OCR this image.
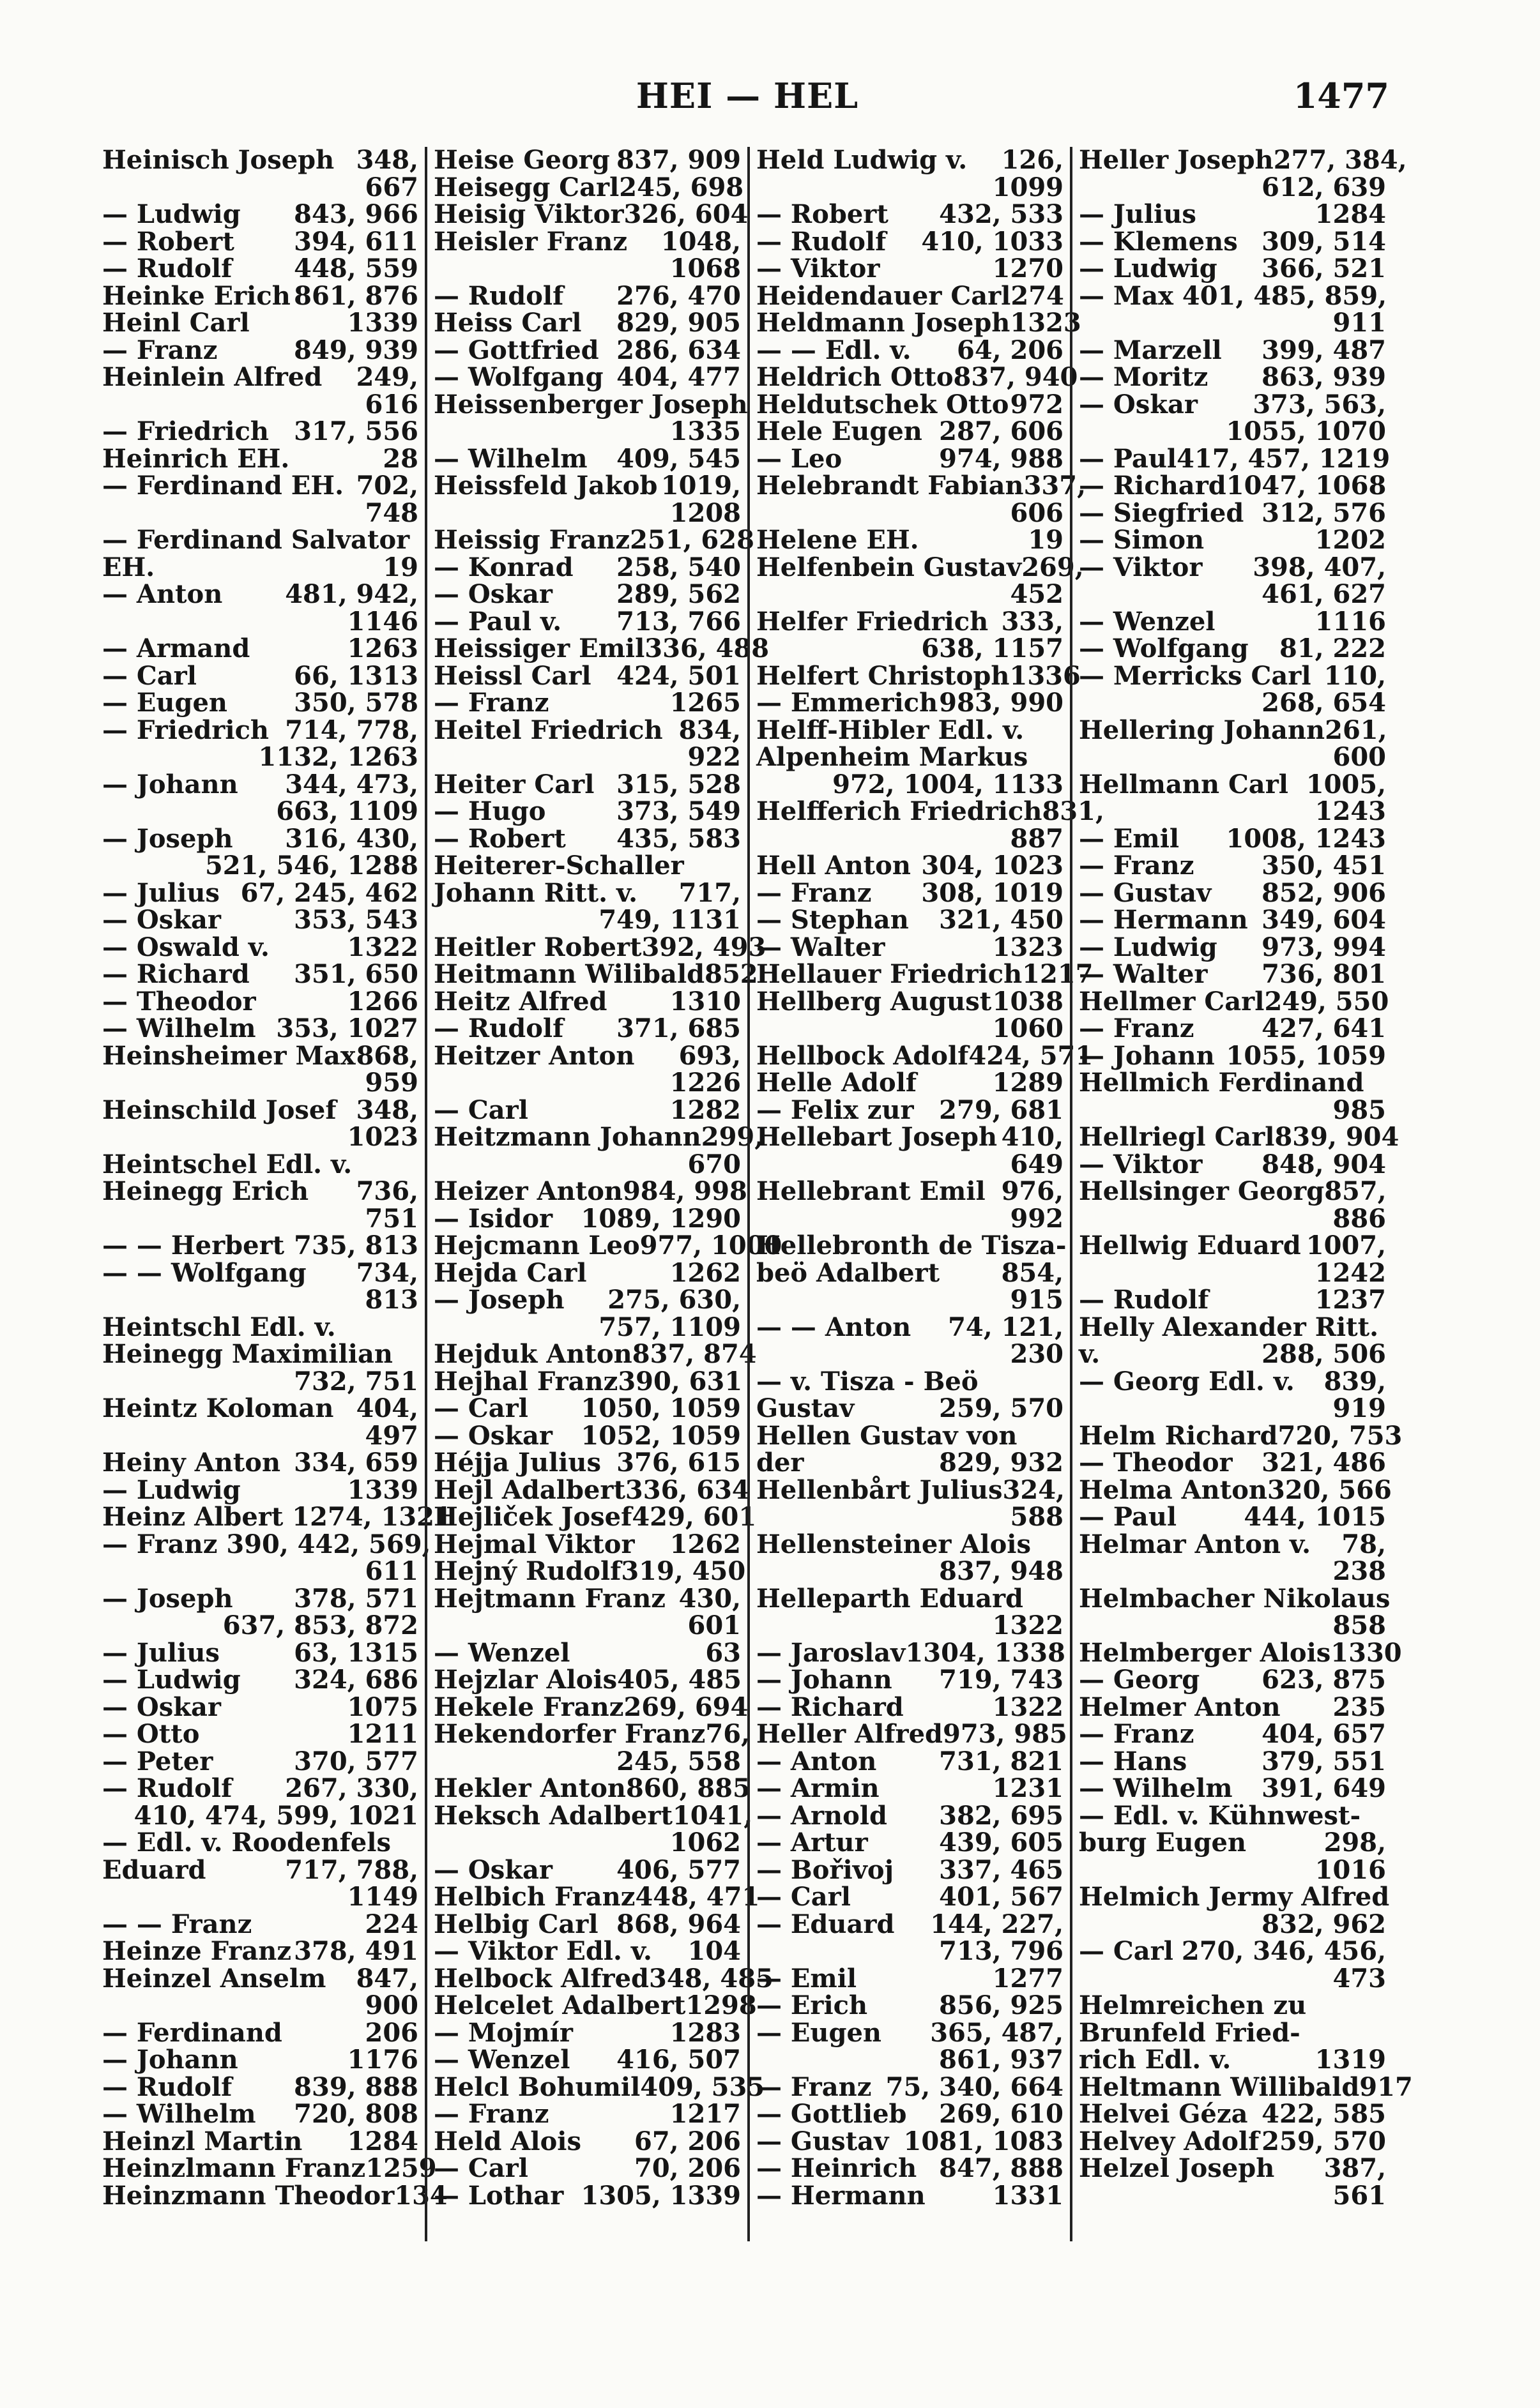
HEI — HEL	1477
Heinisch Joseph 348,
667
— Ludwig 843, 966
— Robert 394, 611
— Rudolf 448, 559
Heinke Erich 861, 876
Heinl Carl	1339
— Franz	849, 939
Heinlein Alfred 249,
616
— Friedrich 317, 556
Heinrich EH.	28
— Ferdinand EH. 702,
748
— Ferdinand Salvator
EH.	19
— Anton 481, 942,
1146
— Armand	1263
— Carl	66, 1313
— Eugen	350, 578
— Friedrich 714, 778,
1132, 1263
— Johann 344, 473,
663, 1109
— Joseph 316, 430,
521, 546, 1288
— Julius 67, 245, 462
— Oskar	353, 543
— Oswald v.	1322
— Richard 351, 650
— Theodor	1266
— Wilhelm 353, 1027
Heinsheimer Max 868,
959
Heinschild Josef 348,
1023
Heintschel Edl. v.
Heinegg Erich 736,
751
— — Herbert 735, 813
— — Wolfgang 734,
813
Heintschl Edl. v.
Heinegg Maximilian
732, 751
Heintz Koloman 404,
497
Heiny Anton 334, 659
— Ludwig	1339
Heinz Albert 1274, 1321
— Franz 390, 442, 569,
611
— Joseph 378, 571
637, 853, 872
— Julius	63, 1315
— Ludwig 324, 686
— Oskar	1075
— Otto	1211
— Peter	370, 577
— Rudolf 267, 330,
410, 474, 599, 1021
— Edl. v. Roodenfels
Eduard	717, 788,
1149
— — Franz	224
Heinze Franz 378, 491
Heinzel Anselm 847,
900
— Ferdinand	206
— Johann	1176
— Rudolf 839, 888
— Wilhelm 720, 808
Heinzl Martin 1284
Heinzlmann Franz 1259
Heinzmann Theodor 134
Heise Georg 837, 909
Heisegg Carl 245, 698
Heisig Viktor 326, 604
Heisler Franz 1048,
1068
— Rudolf 276, 470
Heiss Carl 829, 905
— Gottfried 286, 634
— Wolfgang 404, 477
Heissenberger Joseph
1335
— Wilhelm 409, 545
Heissfeld Jakob 1019,
1208
Heissig Franz 251, 628
— Konrad 258, 540
— Oskar	289, 562
— Paul v. 713, 766
Heissiger Emil 336, 488
Heissl Carl 424, 501
— Franz	1265
Heitel Friedrich 834,
922
Heiter Carl 315, 528
— Hugo	373, 549
— Robert 435, 583
Heiterer-Schaller
Johann Ritt. v. 717,
749, 1131
Heitler Robert 392, 493
Heitmann Wilibald 852
Heitz Alfred 1310
— Rudolf 371, 685
Heitzer Anton 693,
1226
— Carl	1282
Heitzmann Johann 299,
670
Heizer Anton 984, 998
— Isidor 1089, 1290
Hejcmann Leo 977, 1000
Hejda Carl	1262
— Joseph 275, 630,
757, 1109
Hejduk Anton 837, 874
Hejhal Franz 390, 631
— Carl 1050, 1059
— Oskar 1052, 1059
Héjja Julius 376, 615
Hejl Adalbert 336, 634
Hejliček Josef 429, 601
Hejmal Viktor 1262
Hejný Rudolf 319, 450
Hejtmann Franz 430,
601
— Wenzel	63
Hejzlar Alois 405, 485
Hekele Franz 269, 694
Hekendorfer Franz 76,
245, 558
Hekler Anton 860, 885
Heksch Adalbert 1041,
1062
— Oskar	406, 577
Helbich Franz 448, 471
Helbig Carl 868, 964
— Viktor Edl. v. 104
Helbock Alfred 348, 485
Helcelet Adalbert 1298
— Mojmír	1283
— Wenzel 416, 507
Helcl Bohumil 409, 535
— Franz	1217
Held Alois 67, 206
— Carl	70, 206
— Lothar 1305, 1339
Held Ludwig v. 126,
1099
— Robert 432, 533
— Rudolf 410, 1033
— Viktor	1270
Heidendauer Carl 274
Heldmann Joseph 1323
— — Edl. v. 64, 206
Heldrich Otto 837, 940
Heldutschek Otto 972
Hele Eugen 287, 606
— Leo	974, 988
Helebrandt Fabian 337,
606
Helene EH.	19
Helfenbein Gustav 269,
452
Helfer Friedrich 333,
638, 1157
Helfert Christoph 1336
— Emmerich 983, 990
Helff-Hibler Edl. v.
Alpenheim Markus
972, 1004, 1133
Helfferich Friedrich 831,
887
Hell Anton 304, 1023
— Franz 308, 1019
— Stephan 321, 450
— Walter	1323
Hellauer Friedrich 1217
Hellberg August 1038
1060
Hellbock Adolf 424, 571
Helle Adolf	1289
— Felix zur 279, 681
Hellebart Joseph 410,
649
Hellebrant Emil 976,
992
Hellebronth de Tisza-
beö Adalbert 854,
915
— — Anton 74, 121,
230
— v. Tisza - Beö
Gustav	259, 570
Hellen Gustav von
der	829, 932
Hellenbårt Julius 324,
588
Hellensteiner Alois
837, 948
Helleparth Eduard
1322
— Jaroslav 1304, 1338
— Johann 719, 743
— Richard	1322
Heller Alfred 973, 985
— Anton 731, 821
— Armin	1231
— Arnold 382, 695
— Artur	439, 605
— Bořivoj 337, 465
— Carl	401, 567
— Eduard 144, 227,
713, 796
— Emil	1277
— Erich	856, 925
— Eugen 365, 487,
861, 937
— Franz 75, 340, 664
— Gottlieb 269, 610
— Gustav 1081, 1083
— Heinrich 847, 888
— Hermann	1331
Heller Joseph 277, 384,
612, 639
— Julius	1284
— Klemens 309, 514
— Ludwig 366, 521
— Max 401, 485, 859,
911
— Marzell 399, 487
— Moritz 863, 939
— Oskar 373, 563,
1055, 1070
— Paul 417, 457, 1219
— Richard 1047, 1068
— Siegfried 312, 576
— Simon	1202
— Viktor 398, 407,
461, 627
— Wenzel	1116
— Wolfgang 81, 222
— Merricks Carl 110,
268, 654
Hellering Johann 261,
600
Hellmann Carl 1005,
1243
— Emil 1008, 1243
— Franz	350, 451
— Gustav 852, 906
— Hermann 349, 604
— Ludwig 973, 994
— Walter 736, 801
Hellmer Carl 249, 550
— Franz	427, 641
— Johann 1055, 1059
Hellmich Ferdinand
985
Hellriegl Carl 839, 904
— Viktor 848, 904
Hellsinger Georg 857,
886
Hellwig Eduard 1007,
1242
— Rudolf	1237
Helly Alexander Ritt.
v.	288, 506
— Georg Edl. v. 839,
919
Helm Richard 720, 753
— Theodor 321, 486
Helma Anton 320, 566
— Paul	444, 1015
Helmar Anton v. 78,
238
Helmbacher Nikolaus
858
Helmberger Alois 1330
— Georg 623, 875
Helmer Anton 235
— Franz	404, 657
— Hans	379, 551
— Wilhelm 391, 649
— Edl. v. Kühnwest-
burg Eugen	298,
1016
Helmich Jermy Alfred
832, 962
— Carl 270, 346, 456,
473
Helmreichen zu
Brunfeld Fried-
rich Edl. v.	1319
Heltmann Willibald 917
Helvei Géza 422, 585
Helvey Adolf 259, 570
Helzel Joseph 387,
561
